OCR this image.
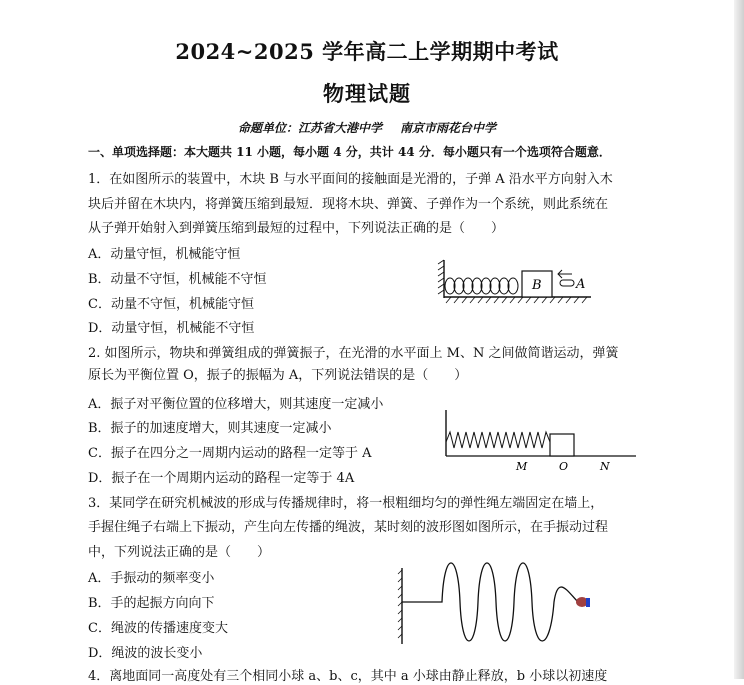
2024~2025 学年高二上学期期中考试
物理试题
命题单位：江苏省大港中学 南京市雨花台中学
一、单项选择题：本大题共 11 小题，每小题 4 分，共计 44 分．每小题只有一个选项符合题意．
1．在如图所示的装置中，木块 B 与水平面间的接触面是光滑的，子弹 A 沿水平方向射入木
块后并留在木块内，将弹簧压缩到最短．现将木块、弹簧、子弹作为一个系统，则此系统在
从子弹开始射入到弹簧压缩到最短的过程中，下列说法正确的是（　　）
A．动量守恒，机械能守恒
B．动量不守恒，机械能不守恒
C．动量不守恒，机械能守恒
D．动量守恒，机械能不守恒
B	A
2. 如图所示，物块和弹簧组成的弹簧振子，在光滑的水平面上 M、N 之间做简谐运动，弹簧
原长为平衡位置 O，振子的振幅为 A，下列说法错误的是（　　）
A．振子对平衡位置的位移增大，则其速度一定减小
B．振子的加速度增大，则其速度一定减小
C．振子在四分之一周期内运动的路程一定等于 A
D．振子在一个周期内运动的路程一定等于 4A
M	O	N
3．某同学在研究机械波的形成与传播规律时，将一根粗细均匀的弹性绳左端固定在墙上，
手握住绳子右端上下振动，产生向左传播的绳波，某时刻的波形图如图所示，在手振动过程
中，下列说法正确的是（　　）
A．手振动的频率变小
B．手的起振方向向下
C．绳波的传播速度变大
D．绳波的波长变小
4．离地面同一高度处有三个相同小球 a、b、c，其中 a 小球由静止释放，b 小球以初速度
